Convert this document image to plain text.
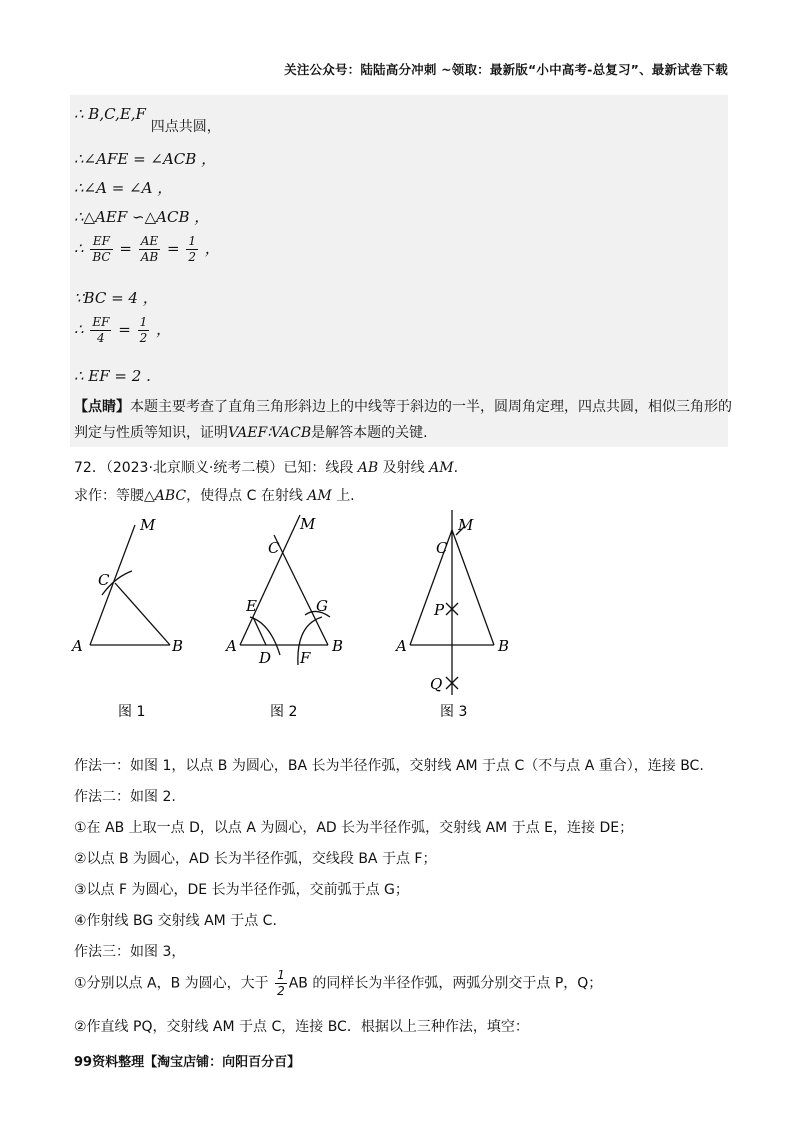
关注公众号：陆陆高分冲刺 ~领取：最新版“小中高考-总复习”、最新试卷下载
∴ B,C,E,F 四点共圆，
∴∠AFE = ∠ACB ，
∴∠A = ∠A ，
∴△AEF ∽△ACB ，
∴ $\frac{EF}{BC} = \frac{AE}{AB} = \frac{1}{2}$ ，
∵BC = 4 ，
∴ $\frac{EF}{4} = \frac{1}{2}$ ，
∴ EF = 2 .
【点睛】本题主要考查了直角三角形斜边上的中线等于斜边的一半，圆周角定理，四点共圆，相似三角形的判定与性质等知识，证明VAEF∶VACB是解答本题的关键.
72．（2023·北京顺义·统考二模）已知：线段 AB 及射线 AM.
求作：等腰△ABC，使得点 C 在射线 AM 上.
M
C
A	B
图 1
M
C
E	G
A
D F
B
图 2
M
C
P
A	B
Q
图 3
作法一：如图 1，以点 B 为圆心，BA 长为半径作弧，交射线 AM 于点 C（不与点 A 重合），连接 BC.
作法二：如图 2.
①在 AB 上取一点 D，以点 A 为圆心，AD 长为半径作弧，交射线 AM 于点 E，连接 DE；
②以点 B 为圆心，AD 长为半径作弧，交线段 BA 于点 F；
③以点 F 为圆心，DE 长为半径作弧，交前弧于点 G；
④作射线 BG 交射线 AM 于点 C.
作法三：如图 3，
①分别以点 A，B 为圆心，大于 $\frac{1}{2}$ AB 的同样长为半径作弧，两弧分别交于点 P，Q；
②作直线 PQ，交射线 AM 于点 C，连接 BC．根据以上三种作法，填空：
99资料整理【淘宝店铺：向阳百分百】
